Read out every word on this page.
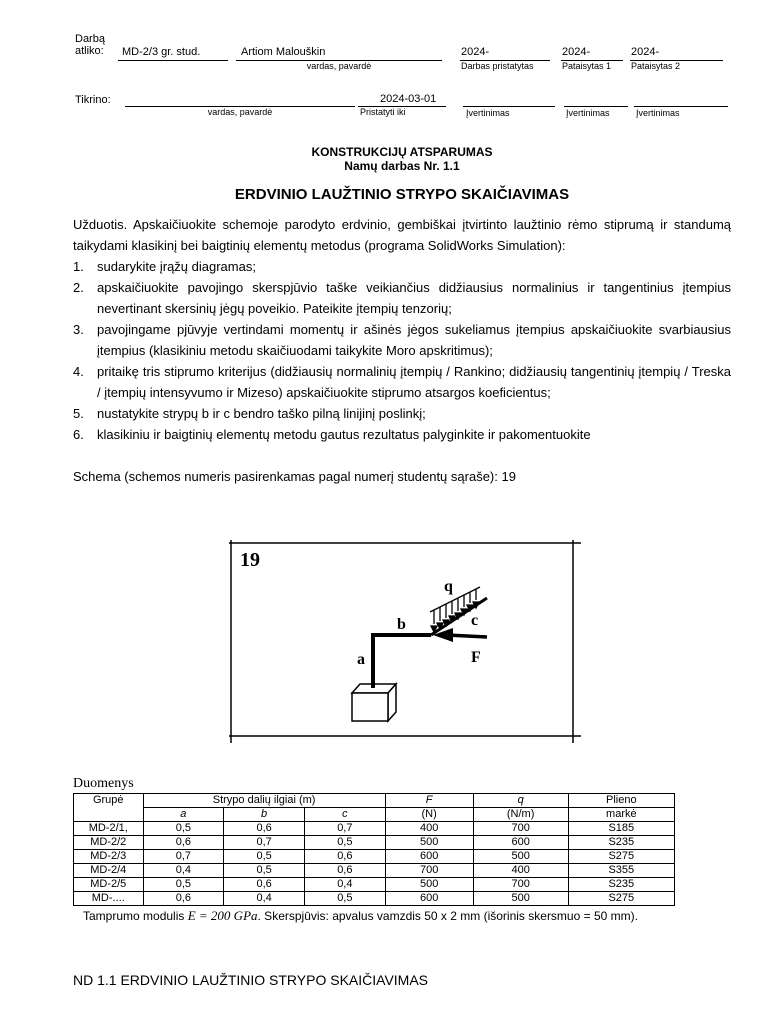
Darbą
atliko: MD-2/3 gr. stud.	Artiom Malouškin
vardas, pavardė
2024-
Darbas pristatytas
2024-
Pataisytas 1
2024-
Pataisytas 2
Tikrino:
vardas, pavardė
2024-03-01
Pristatyti iki	Įvertinimas	Įvertinimas	Įvertinimas
KONSTRUKCIJŲ ATSPARUMAS
Namų darbas Nr. 1.1
ERDVINIO LAUŽTINIO STRYPO SKAIČIAVIMAS

Užduotis. Apskaičiuokite schemoje parodyto erdvinio, gembiškai įtvirtinto laužtinio rėmo stiprumą ir standumą taikydami klasikinį bei baigtinių elementų metodus (programa SolidWorks Simulation):

1. sudarykite įrąžų diagramas;
2. apskaičiuokite pavojingo skerspjūvio taške veikiančius didžiausius normalinius ir tangentinius įtempius nevertinant skersinių jėgų poveikio. Pateikite įtempių tenzorių;
3. pavojingame pjūvyje vertindami momentų ir ašinės jėgos sukeliamus įtempius apskaičiuokite svarbiausius įtempius (klasikiniu metodu skaičiuodami taikykite Moro apskritimus);
4. pritaikę tris stiprumo kriterijus (didžiausių normalinių įtempių / Rankino; didžiausių tangentinių įtempių / Treska / įtempių intensyvumo ir Mizeso) apskaičiuokite stiprumo atsargos koeficientus;
5. nustatykite strypų b ir c bendro taško pilną linijinį poslinkį;
6. klasikiniu ir baigtinių elementų metodu gautus rezultatus palyginkite ir pakomentuokite
Schema (schemos numeris pasirenkamas pagal numerį studentų sąraše): 19
19
a
b	c
q
F
Duomenys
Grupė	Strypo dalių ilgiai (m)			F	q	Plieno
	a	b	c	(N)	(N/m)	markė
MD-2/1,	0,5	0,6	0,7	400	700	S185
MD-2/2	0,6	0,7	0,5	500	600	S235
MD-2/3	0,7	0,5	0,6	600	500	S275
MD-2/4	0,4	0,5	0,6	700	400	S355
MD-2/5	0,5	0,6	0,4	500	700	S235
MD-....	0,6	0,4	0,5	600	500	S275
Tamprumo modulis E = 200 GPa. Skerspjūvis: apvalus vamzdis 50 x 2 mm (išorinis skersmuo = 50 mm).
ND 1.1 ERDVINIO LAUŽTINIO STRYPO SKAIČIAVIMAS
